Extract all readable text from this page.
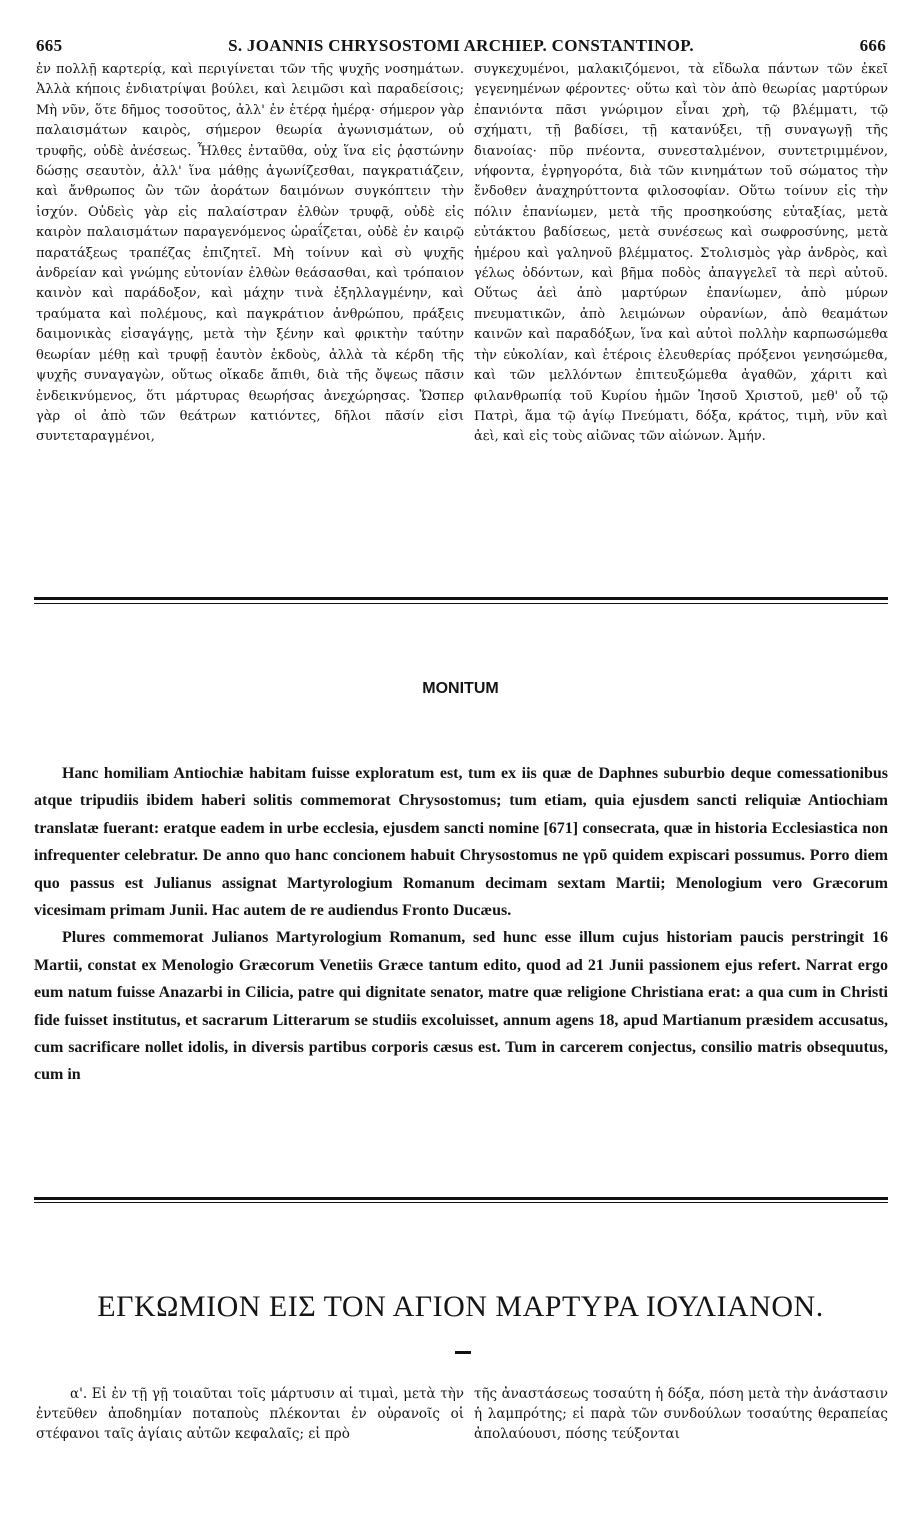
665	S. JOANNIS CHRYSOSTOMI ARCHIEP. CONSTANTINOP.	666

ἐν πολλῇ καρτερίᾳ, καὶ περιγίνεται τῶν τῆς ψυχῆς νοσημάτων. Ἀλλὰ κήποις ἐνδιατρίψαι βούλει, καὶ λειμῶσι καὶ παραδείσοις; Μὴ νῦν, ὅτε δῆμος τοσοῦτος, ἀλλ' ἐν ἑτέρᾳ ἡμέρᾳ· σήμερον γὰρ παλαισμάτων καιρὸς, σήμερον θεωρία ἀγωνισμάτων, οὐ τρυφῆς, οὐδὲ ἀνέσεως. Ἦλθες ἐνταῦθα, οὐχ ἵνα εἰς ῥᾳστώνην δώσῃς σεαυτὸν, ἀλλ' ἵνα μάθῃς ἀγωνίζεσθαι, παγκρατιάζειν, καὶ ἄνθρωπος ὢν τῶν ἀοράτων δαιμόνων συγκόπτειν τὴν ἰσχύν. Οὐδεὶς γὰρ εἰς παλαίστραν ἐλθὼν τρυφᾷ, οὐδὲ εἰς καιρὸν παλαισμάτων παραγενόμενος ὡραΐζεται, οὐδὲ ἐν καιρῷ παρατάξεως τραπέζας ἐπιζητεῖ. Μὴ τοίνυν καὶ σὺ ψυχῆς ἀνδρείαν καὶ γνώμης εὐτονίαν ἐλθὼν θεάσασθαι, καὶ τρόπαιον καινὸν καὶ παράδοξον, καὶ μάχην τινὰ ἐξηλλαγμένην, καὶ τραύματα καὶ πολέμους, καὶ παγκράτιον ἀνθρώπου, πράξεις δαιμονικὰς εἰσαγάγῃς, μετὰ τὴν ξένην καὶ φρικτὴν ταύτην θεωρίαν μέθῃ καὶ τρυφῇ ἑαυτὸν ἐκδοὺς, ἀλλὰ τὰ κέρδη τῆς ψυχῆς συναγαγὼν, οὕτως οἴκαδε ἄπιθι, διὰ τῆς ὄψεως πᾶσιν ἐνδεικνύμενος, ὅτι μάρτυρας θεωρήσας ἀνεχώρησας. Ὥσπερ γὰρ οἱ ἀπὸ τῶν θεάτρων κατιόντες, δῆλοι πᾶσίν εἰσι συντεταραγμένοι,

συγκεχυμένοι, μαλακιζόμενοι, τὰ εἴδωλα πάντων τῶν ἐκεῖ γεγενημένων φέροντες· οὕτω καὶ τὸν ἀπὸ θεωρίας μαρτύρων ἐπανιόντα πᾶσι γνώριμον εἶναι χρὴ, τῷ βλέμματι, τῷ σχήματι, τῇ βαδίσει, τῇ κατανύξει, τῇ συναγωγῇ τῆς διανοίας· πῦρ πνέοντα, συνεσταλμένον, συντετριμμένον, νήφοντα, ἐγρηγορότα, διὰ τῶν κινημάτων τοῦ σώματος τὴν ἔνδοθεν ἀναχηρύττοντα φιλοσοφίαν. Οὕτω τοίνυν εἰς τὴν πόλιν ἐπανίωμεν, μετὰ τῆς προσηκούσης εὐταξίας, μετὰ εὐτάκτου βαδίσεως, μετὰ συνέσεως καὶ σωφροσύνης, μετὰ ἡμέρου καὶ γαληνοῦ βλέμματος. Στολισμὸς γὰρ ἀνδρὸς, καὶ γέλως ὀδόντων, καὶ βῆμα ποδὸς ἀπαγγελεῖ τὰ περὶ αὐτοῦ. Οὕτως ἀεὶ ἀπὸ μαρτύρων ἐπανίωμεν, ἀπὸ μύρων πνευματικῶν, ἀπὸ λειμώνων οὐρανίων, ἀπὸ θεαμάτων καινῶν καὶ παραδόξων, ἵνα καὶ αὐτοὶ πολλὴν καρπωσώμεθα τὴν εὐκολίαν, καὶ ἑτέροις ἐλευθερίας πρόξενοι γενησώμεθα, καὶ τῶν μελλόντων ἐπιτευξώμεθα ἀγαθῶν, χάριτι καὶ φιλανθρωπίᾳ τοῦ Κυρίου ἡμῶν Ἰησοῦ Χριστοῦ, μεθ' οὗ τῷ Πατρὶ, ἅμα τῷ ἁγίῳ Πνεύματι, δόξα, κράτος, τιμὴ, νῦν καὶ ἀεὶ, καὶ εἰς τοὺς αἰῶνας τῶν αἰώνων. Ἀμήν.

MONITUM

Hanc homiliam Antiochiæ habitam fuisse exploratum est, tum ex iis quæ de Daphnes suburbio deque comessationibus atque tripudiis ibidem haberi solitis commemorat Chrysostomus; tum etiam, quia ejusdem sancti reliquiæ Antiochiam translatæ fuerant: eratque eadem in urbe ecclesia, ejusdem sancti nomine [671] consecrata, quæ in historia Ecclesiastica non infrequenter celebratur. De anno quo hanc concionem habuit Chrysostomus ne γρῦ quidem expiscari possumus. Porro diem quo passus est Julianus assignat Martyrologium Romanum decimam sextam Martii; Menologium vero Græcorum vicesimam primam Junii. Hac autem de re audiendus Fronto Ducæus.

Plures commemorat Julianos Martyrologium Romanum, sed hunc esse illum cujus historiam paucis perstringit 16 Martii, constat ex Menologio Græcorum Venetiis Græce tantum edito, quod ad 21 Junii passionem ejus refert. Narrat ergo eum natum fuisse Anazarbi in Cilicia, patre qui dignitate senator, matre quæ religione Christiana erat: a qua cum in Christi fide fuisset institutus, et sacrarum Litterarum se studiis excoluisset, annum agens 18, apud Martianum præsidem accusatus, cum sacrificare nollet idolis, in diversis partibus corporis cæsus est. Tum in carcerem conjectus, consilio matris obsequutus, cum in

ΕΓΚΩΜΙΟΝ ΕΙΣ ΤΟΝ ΑΓΙΟΝ ΜΑΡΤΥΡΑ ΙΟΥΛΙΑΝΟΝ.

α'. Εἰ ἐν τῇ γῇ τοιαῦται τοῖς μάρτυσιν αἱ τιμαὶ, μετὰ τὴν ἐντεῦθεν ἀποδημίαν ποταποὺς πλέκονται ἐν οὐρανοῖς οἱ στέφανοι ταῖς ἁγίαις αὐτῶν κεφαλαῖς; εἰ πρὸ

τῆς ἀναστάσεως τοσαύτη ἡ δόξα, πόση μετὰ τὴν ἀνάστασιν ἡ λαμπρότης; εἰ παρὰ τῶν συνδούλων τοσαύτης θεραπείας ἀπολαύουσι, πόσης τεύξονται
